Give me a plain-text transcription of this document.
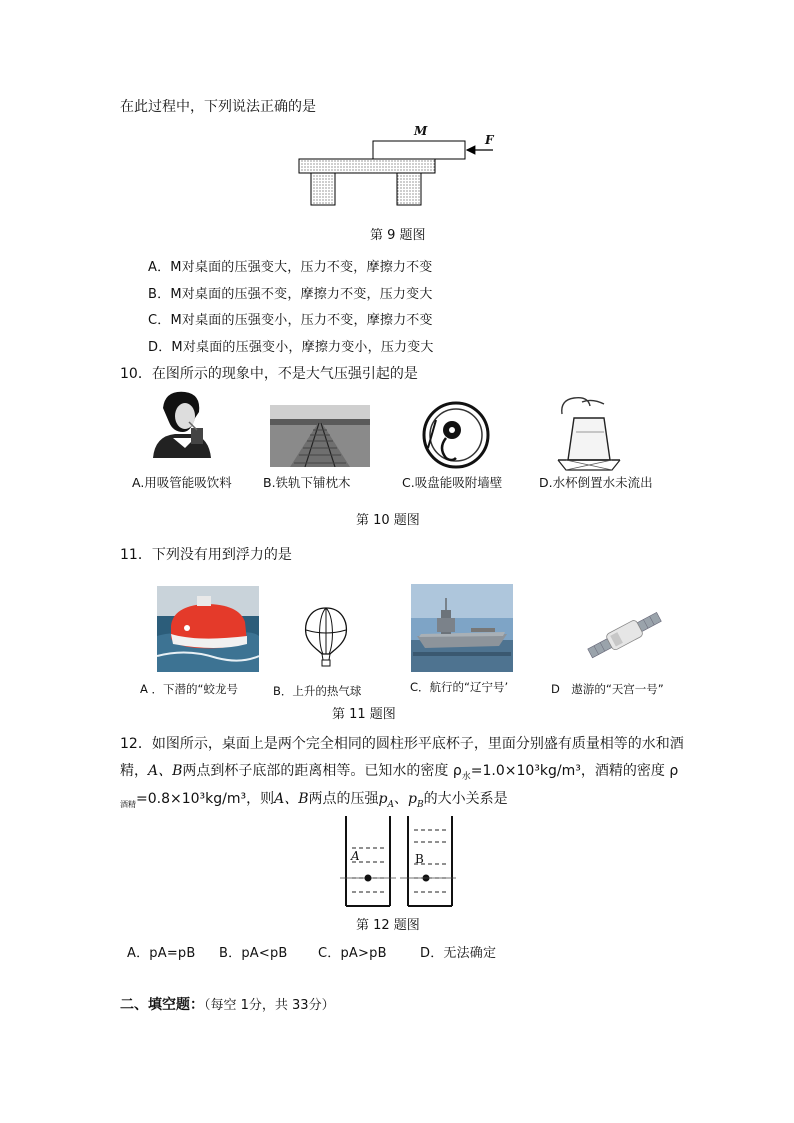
在此过程中，下列说法正确的是
M
F
第 9 题图
A．M对桌面的压强变大，压力不变，摩擦力不变
B．M对桌面的压强不变，摩擦力不变，压力变大
C．M对桌面的压强变小，压力不变，摩擦力不变
D．M对桌面的压强变小，摩擦力变小，压力变大
10．在图所示的现象中，不是大气压强引起的是
A.用吸管能吸饮料 B.铁轨下铺枕木	C.吸盘能吸附墙壁	D.水杯倒置水未流出
第 10 题图
11．下列没有用到浮力的是
A ．下潜的“蛟龙号	B．上升的热气球	C．航行的“辽宁号’	D　遨游的“天宫一号”
第 11 题图
12．如图所示，桌面上是两个完全相同的圆柱形平底杯子，里面分别盛有质量相等的水和酒
精，A、B两点到杯子底部的距离相等。已知水的密度 $\rho_水=1.0\times 10^3kg/m^3$，酒精的密度 ρ
$_{酒精}$=0.8×10³kg/m³，则A、B两点的压强$p_A$、$p_B$的大小关系是
A	B
第 12 题图
A．pA=pB B．pA<pB C．pA>pB	D．无法确定
二、填空题：（每空 1分，共 33分）
